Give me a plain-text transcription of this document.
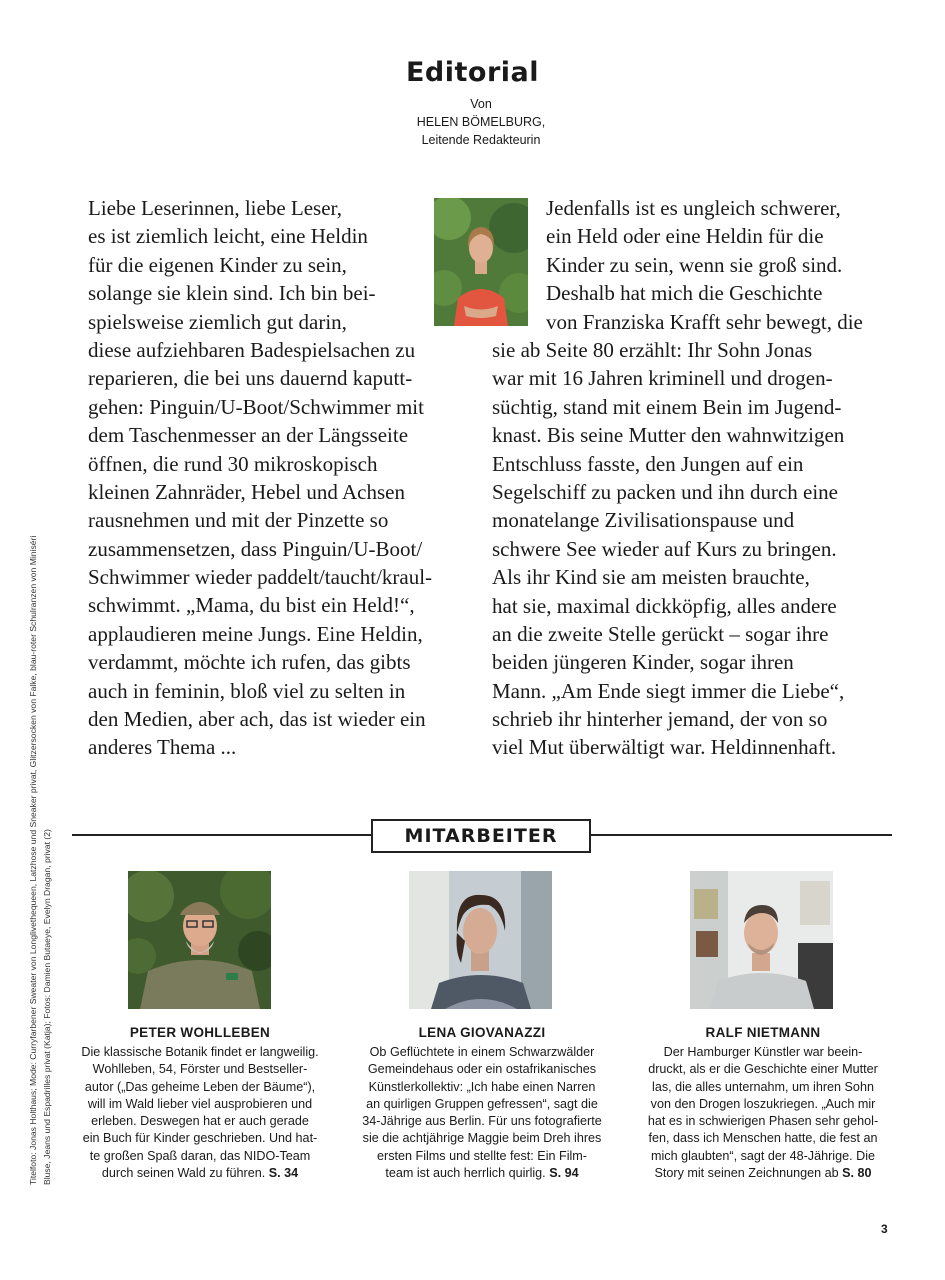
Editorial
Von
HELEN BÖMELBURG,
Leitende Redakteurin
Liebe Leserinnen, liebe Leser,
es ist ziemlich leicht, eine Heldin
für die eigenen Kinder zu sein,
solange sie klein sind. Ich bin bei-
spielsweise ziemlich gut darin,
diese aufziehbaren Badespielsachen zu
reparieren, die bei uns dauernd kaputt-
gehen: Pinguin/U-Boot/Schwimmer mit
dem Taschenmesser an der Längsseite
öffnen, die rund 30 mikroskopisch
kleinen Zahnräder, Hebel und Achsen
rausnehmen und mit der Pinzette so
zusammensetzen, dass Pinguin/U-Boot/
Schwimmer wieder paddelt/taucht/kraul-
schwimmt. „Mama, du bist ein Held!“,
applaudieren meine Jungs. Eine Heldin,
verdammt, möchte ich rufen, das gibts
auch in feminin, bloß viel zu selten in
den Medien, aber ach, das ist wieder ein
anderes Thema ...
Jedenfalls ist es ungleich schwerer,
ein Held oder eine Heldin für die
Kinder zu sein, wenn sie groß sind.
Deshalb hat mich die Geschichte
von Franziska Krafft sehr bewegt, die
sie ab Seite 80 erzählt: Ihr Sohn Jonas
war mit 16 Jahren kriminell und drogen-
süchtig, stand mit einem Bein im Jugend-
knast. Bis seine Mutter den wahnwitzigen
Entschluss fasste, den Jungen auf ein
Segelschiff zu packen und ihn durch eine
monatelange Zivilisationspause und
schwere See wieder auf Kurs zu bringen.
Als ihr Kind sie am meisten brauchte,
hat sie, maximal dickköpfig, alles andere
an die zweite Stelle gerückt – sogar ihre
beiden jüngeren Kinder, sogar ihren
Mann. „Am Ende siegt immer die Liebe“,
schrieb ihr hinterher jemand, der von so
viel Mut überwältigt war. Heldinnenhaft.
MITARBEITER
PETER WOHLLEBEN
Die klassische Botanik findet er langweilig.
Wohlleben, 54, Förster und Bestseller-
autor („Das geheime Leben der Bäume“),
will im Wald lieber viel ausprobieren und
erleben. Deswegen hat er auch gerade
ein Buch für Kinder geschrieben. Und hat-
te großen Spaß daran, das NIDO-Team
durch seinen Wald zu führen. S. 34
LENA GIOVANAZZI
Ob Geflüchtete in einem Schwarzwälder
Gemeindehaus oder ein ostafrikanisches
Künstlerkollektiv: „Ich habe einen Narren
an quirligen Gruppen gefressen“, sagt die
34-Jährige aus Berlin. Für uns fotografierte
sie die achtjährige Maggie beim Dreh ihres
ersten Films und stellte fest: Ein Film-
team ist auch herrlich quirlig. S. 94
RALF NIETMANN
Der Hamburger Künstler war beein-
druckt, als er die Geschichte einer Mutter
las, die alles unternahm, um ihren Sohn
von den Drogen loszukriegen. „Auch mir
hat es in schwierigen Phasen sehr gehol-
fen, dass ich Menschen hatte, die fest an
mich glaubten“, sagt der 48-Jährige. Die
Story mit seinen Zeichnungen ab S. 80
Titelfoto: Jonas Holthaus; Mode: Curryfarbener Sweater von Longlivethequeen, Latzhose und Sneaker privat, Glitzersocken von Falke, blau-roter Schulranzen von Miniséri Bluse, Jeans und Espadrilles privat (Katja); Fotos: Damien Butaeye, Evelyn Dragan, privat (2)
3
